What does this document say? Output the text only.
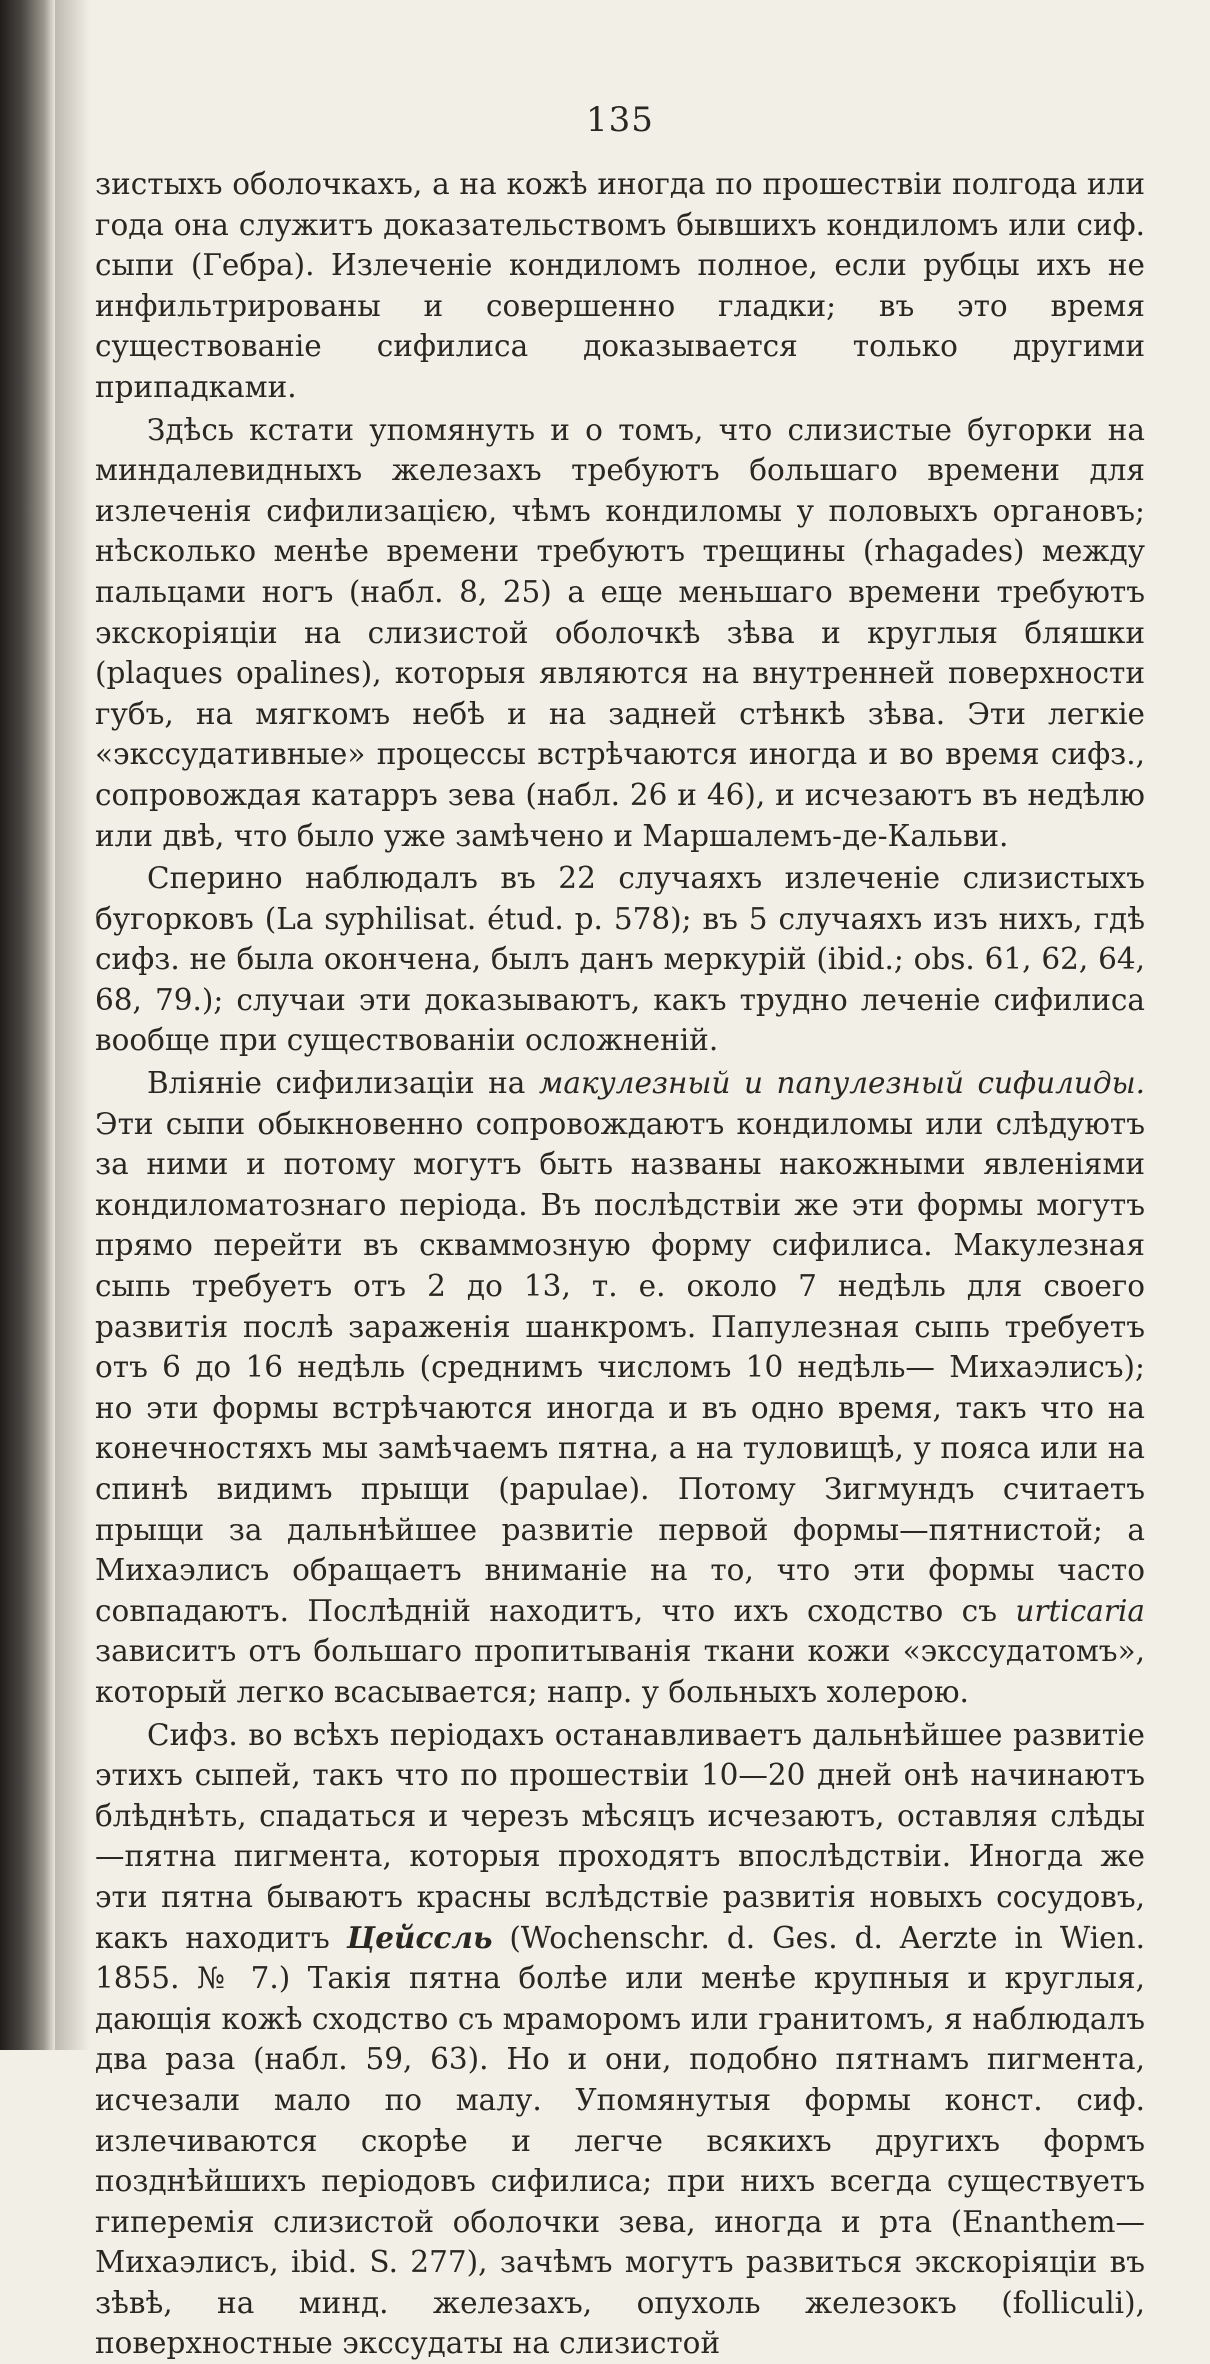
135

зистыхъ оболочкахъ, а на кожѣ иногда по прошествіи полгода или года она служитъ доказательствомъ бывшихъ кондиломъ или сиф. сыпи (Гебра). Излеченіе кондиломъ полное, если рубцы ихъ не инфильтрированы и совершенно гладки; въ это время существованіе сифилиса доказывается только другими припадками.

Здѣсь кстати упомянуть и о томъ, что слизистые бугорки на миндалевидныхъ железахъ требуютъ большаго времени для излеченія сифилизацією, чѣмъ кондиломы у половыхъ органовъ; нѣсколько менѣе времени требуютъ трещины (rhagades) между пальцами ногъ (набл. 8, 25) а еще меньшаго времени требуютъ экскоріяціи на слизистой оболочкѣ зѣва и круглыя бляшки (plaques opalines), которыя являются на внутренней поверхности губъ, на мягкомъ небѣ и на задней стѣнкѣ зѣва. Эти легкіе «экссудативные» процессы встрѣчаются иногда и во время сифз., сопровождая катарръ зева (набл. 26 и 46), и исчезаютъ въ недѣлю или двѣ, что было уже замѣчено и Маршалемъ-де-Кальви.

Сперино наблюдалъ въ 22 случаяхъ излеченіе слизистыхъ бугорковъ (La syphilisat. étud. p. 578); въ 5 случаяхъ изъ нихъ, гдѣ сифз. не была окончена, былъ данъ меркурій (ibid.; obs. 61, 62, 64, 68, 79.); случаи эти доказываютъ, какъ трудно леченіе сифилиса вообще при существованіи осложненій.

Вліяніе сифилизаціи на макулезный и папулезный сифилиды. Эти сыпи обыкновенно сопровождаютъ кондиломы или слѣдуютъ за ними и потому могутъ быть названы накожными явленіями кондиломатознаго періода. Въ послѣдствіи же эти формы могутъ прямо перейти въ скваммозную форму сифилиса. Макулезная сыпь требуетъ отъ 2 до 13, т. е. около 7 недѣль для своего развитія послѣ зараженія шанкромъ. Папулезная сыпь требуетъ отъ 6 до 16 недѣль (среднимъ числомъ 10 недѣль— Михаэлисъ); но эти формы встрѣчаются иногда и въ одно время, такъ что на конечностяхъ мы замѣчаемъ пятна, а на туловищѣ, у пояса или на спинѣ видимъ прыщи (papulae). Потому Зигмундъ считаетъ прыщи за дальнѣйшее развитіе первой формы—пятнистой; а Михаэлисъ обращаетъ вниманіе на то, что эти формы часто совпадаютъ. Послѣдній находитъ, что ихъ сходство съ urticaria зависитъ отъ большаго пропитыванія ткани кожи «экссудатомъ», который легко всасывается; напр. у больныхъ холерою.

Сифз. во всѣхъ періодахъ останавливаетъ дальнѣйшее развитіе этихъ сыпей, такъ что по прошествіи 10—20 дней онѣ начинаютъ блѣднѣть, спадаться и черезъ мѣсяцъ исчезаютъ, оставляя слѣды—пятна пигмента, которыя проходятъ впослѣдствіи. Иногда же эти пятна бываютъ красны вслѣдствіе развитія новыхъ сосудовъ, какъ находитъ Цейссль (Wochenschr. d. Ges. d. Aerzte in Wien. 1855. № 7.) Такія пятна болѣе или менѣе крупныя и круглыя, дающія кожѣ сходство съ мраморомъ или гранитомъ, я наблюдалъ два раза (набл. 59, 63). Но и они, подобно пятнамъ пигмента, исчезали мало по малу. Упомянутыя формы конст. сиф. излечиваются скорѣе и легче всякихъ другихъ формъ позднѣйшихъ періодовъ сифилиса; при нихъ всегда существуетъ гиперемія слизистой оболочки зева, иногда и рта (Enanthem—Михаэлисъ, ibid. S. 277), зачѣмъ могутъ развиться экскоріяціи въ зѣвѣ, на минд. железахъ, опухоль железокъ (folliculi), поверхностные экссудаты на слизистой
